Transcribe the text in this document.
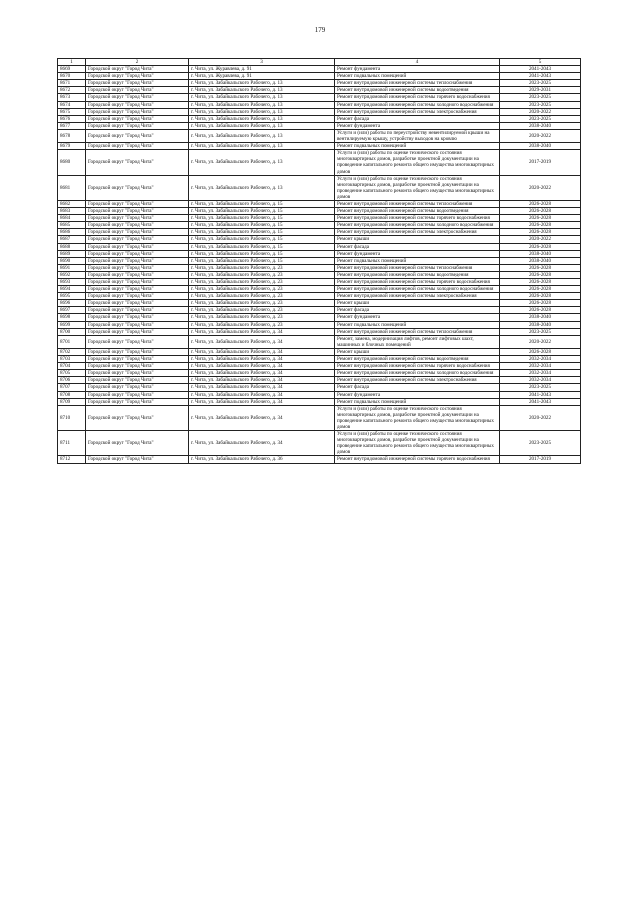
179
1	2	3	4	5
8669	Городской округ "Город Чита"	г. Чита, ул. Журавлева, д. 91	Ремонт фундамента	2041-2043
8670	Городской округ "Город Чита"	г. Чита, ул. Журавлева, д. 91	Ремонт подвальных помещений	2041-2043
8671	Городской округ "Город Чита"	г. Чита, ул. Забайкальского Рабочего, д. 13	Ремонт внутридомовой инженерной системы теплоснабжения	2023-2025
8672	Городской округ "Город Чита"	г. Чита, ул. Забайкальского Рабочего, д. 13	Ремонт внутридомовой инженерной системы водоотведения	2029-2031
8673	Городской округ "Город Чита"	г. Чита, ул. Забайкальского Рабочего, д. 13	Ремонт внутридомовой инженерной системы горячего водоснабжения	2023-2025
8674	Городской округ "Город Чита"	г. Чита, ул. Забайкальского Рабочего, д. 13	Ремонт внутридомовой инженерной системы холодного водоснабжения	2023-2025
8675	Городской округ "Город Чита"	г. Чита, ул. Забайкальского Рабочего, д. 13	Ремонт внутридомовой инженерной системы электроснабжения	2020-2022
8676	Городской округ "Город Чита"	г. Чита, ул. Забайкальского Рабочего, д. 13	Ремонт фасада	2023-2025
8677	Городской округ "Город Чита"	г. Чита, ул. Забайкальского Рабочего, д. 13	Ремонт фундамента	2038-2040
8678	Городской округ "Город Чита"	г. Чита, ул. Забайкальского Рабочего, д. 13	Услуги и (или) работы по переустройству невентилируемой крыши на вентилируемую крышу, устройству выходов на кровлю	2020-2022
8679	Городской округ "Город Чита"	г. Чита, ул. Забайкальского Рабочего, д. 13	Ремонт подвальных помещений	2038-2040
8680	Городской округ "Город Чита"	г. Чита, ул. Забайкальского Рабочего, д. 13	Услуги и (или) работы по оценке технического состояния многоквартирных домов, разработке проектной документации на проведение капитального ремонта общего имущества многоквартирных домов	2017-2019
8681	Городской округ "Город Чита"	г. Чита, ул. Забайкальского Рабочего, д. 13	Услуги и (или) работы по оценке технического состояния многоквартирных домов, разработке проектной документации на проведение капитального ремонта общего имущества многоквартирных домов	2020-2022
8682	Городской округ "Город Чита"	г. Чита, ул. Забайкальского Рабочего, д. 15	Ремонт внутридомовой инженерной системы теплоснабжения	2026-2028
8683	Городской округ "Город Чита"	г. Чита, ул. Забайкальского Рабочего, д. 15	Ремонт внутридомовой инженерной системы водоотведения	2026-2028
8684	Городской округ "Город Чита"	г. Чита, ул. Забайкальского Рабочего, д. 15	Ремонт внутридомовой инженерной системы горячего водоснабжения	2026-2028
8685	Городской округ "Город Чита"	г. Чита, ул. Забайкальского Рабочего, д. 15	Ремонт внутридомовой инженерной системы холодного водоснабжения	2026-2028
8686	Городской округ "Город Чита"	г. Чита, ул. Забайкальского Рабочего, д. 15	Ремонт внутридомовой инженерной системы электроснабжения	2026-2028
8687	Городской округ "Город Чита"	г. Чита, ул. Забайкальского Рабочего, д. 15	Ремонт крыши	2020-2022
8688	Городской округ "Город Чита"	г. Чита, ул. Забайкальского Рабочего, д. 15	Ремонт фасада	2026-2028
8689	Городской округ "Город Чита"	г. Чита, ул. Забайкальского Рабочего, д. 15	Ремонт фундамента	2038-2040
8690	Городской округ "Город Чита"	г. Чита, ул. Забайкальского Рабочего, д. 15	Ремонт подвальных помещений	2038-2040
8691	Городской округ "Город Чита"	г. Чита, ул. Забайкальского Рабочего, д. 23	Ремонт внутридомовой инженерной системы теплоснабжения	2026-2028
8692	Городской округ "Город Чита"	г. Чита, ул. Забайкальского Рабочего, д. 23	Ремонт внутридомовой инженерной системы водоотведения	2026-2028
8693	Городской округ "Город Чита"	г. Чита, ул. Забайкальского Рабочего, д. 23	Ремонт внутридомовой инженерной системы горячего водоснабжения	2026-2028
8694	Городской округ "Город Чита"	г. Чита, ул. Забайкальского Рабочего, д. 23	Ремонт внутридомовой инженерной системы холодного водоснабжения	2026-2028
8695	Городской округ "Город Чита"	г. Чита, ул. Забайкальского Рабочего, д. 23	Ремонт внутридомовой инженерной системы электроснабжения	2026-2028
8696	Городской округ "Город Чита"	г. Чита, ул. Забайкальского Рабочего, д. 23	Ремонт крыши	2026-2028
8697	Городской округ "Город Чита"	г. Чита, ул. Забайкальского Рабочего, д. 23	Ремонт фасада	2026-2028
8698	Городской округ "Город Чита"	г. Чита, ул. Забайкальского Рабочего, д. 23	Ремонт фундамента	2038-2040
8699	Городской округ "Город Чита"	г. Чита, ул. Забайкальского Рабочего, д. 23	Ремонт подвальных помещений	2038-2040
8700	Городской округ "Город Чита"	г. Чита, ул. Забайкальского Рабочего, д. 34	Ремонт внутридомовой инженерной системы теплоснабжения	2023-2025
8701	Городской округ "Город Чита"	г. Чита, ул. Забайкальского Рабочего, д. 34	Ремонт, замена, модернизация лифтов, ремонт лифтовых шахт, машинных и блочных помещений	2020-2022
8702	Городской округ "Город Чита"	г. Чита, ул. Забайкальского Рабочего, д. 34	Ремонт крыши	2026-2028
8703	Городской округ "Город Чита"	г. Чита, ул. Забайкальского Рабочего, д. 34	Ремонт внутридомовой инженерной системы водоотведения	2032-2034
8704	Городской округ "Город Чита"	г. Чита, ул. Забайкальского Рабочего, д. 34	Ремонт внутридомовой инженерной системы горячего водоснабжения	2032-2034
8705	Городской округ "Город Чита"	г. Чита, ул. Забайкальского Рабочего, д. 34	Ремонт внутридомовой инженерной системы холодного водоснабжения	2032-2034
8706	Городской округ "Город Чита"	г. Чита, ул. Забайкальского Рабочего, д. 34	Ремонт внутридомовой инженерной системы электроснабжения	2032-2034
8707	Городской округ "Город Чита"	г. Чита, ул. Забайкальского Рабочего, д. 34	Ремонт фасада	2023-2025
8708	Городской округ "Город Чита"	г. Чита, ул. Забайкальского Рабочего, д. 34	Ремонт фундамента	2041-2043
8709	Городской округ "Город Чита"	г. Чита, ул. Забайкальского Рабочего, д. 34	Ремонт подвальных помещений	2041-2043
8710	Городской округ "Город Чита"	г. Чита, ул. Забайкальского Рабочего, д. 34	Услуги и (или) работы по оценке технического состояния многоквартирных домов, разработке проектной документации на проведение капитального ремонта общего имущества многоквартирных домов	2020-2022
8711	Городской округ "Город Чита"	г. Чита, ул. Забайкальского Рабочего, д. 34	Услуги и (или) работы по оценке технического состояния многоквартирных домов, разработке проектной документации на проведение капитального ремонта общего имущества многоквартирных домов	2023-2025
8712	Городской округ "Город Чита"	г. Чита, ул. Забайкальского Рабочего, д. 36	Ремонт внутридомовой инженерной системы горячего водоснабжения	2017-2019
